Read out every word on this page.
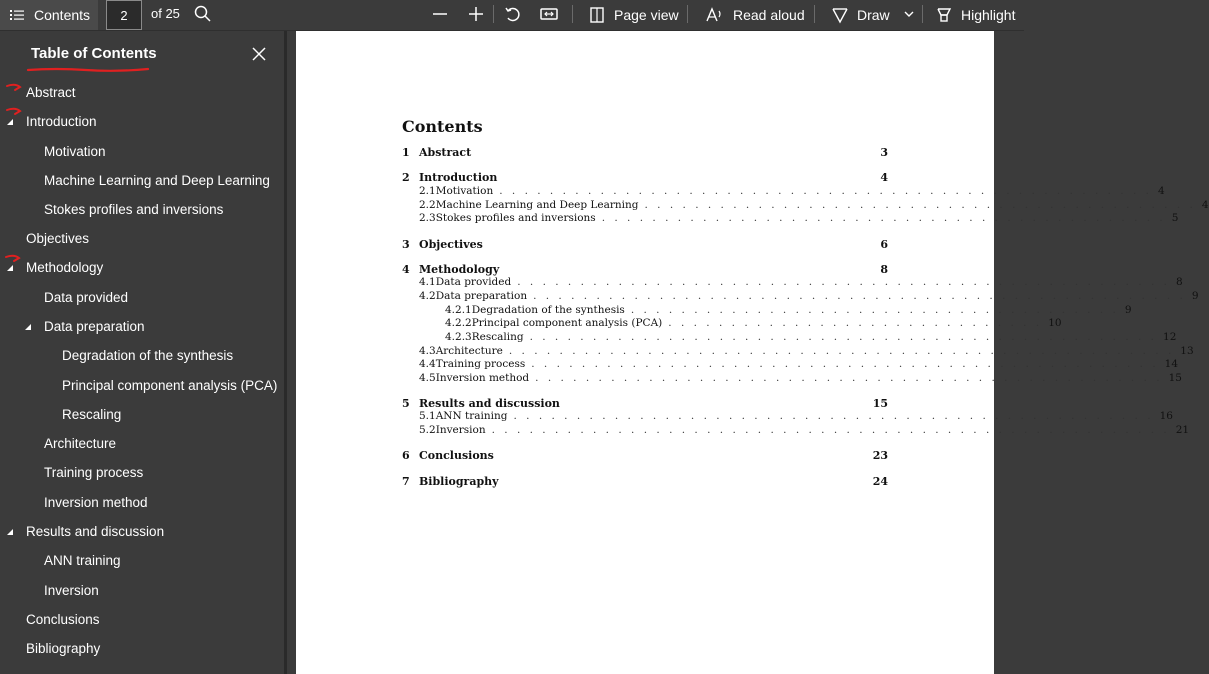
Contents 2 of 25	Page view	Read aloud	Draw	Highlight
Table of Contents
Abstract
Introduction
Motivation
Machine Learning and Deep Learning
Stokes profiles and inversions
Objectives
Methodology
Data provided
Data preparation
Degradation of the synthesis
Principal component analysis (PCA)
Rescaling
Architecture
Training process
Inversion method
Results and discussion
ANN training
Inversion
Conclusions
Bibliography
Contents
1 Abstract	3
2 Introduction	4
2.1 Motivation . . . . . . . . . . . . . . . . . . . . . . . . . . . . . . . . . . . . . . . . . . . . . . . . . . . . 4
2.2 Machine Learning and Deep Learning . . . . . . . . . . . . . . . . . . . . . . . . . . . . . . . . . . . . . . . . . . . . 4
2.3 Stokes profiles and inversions . . . . . . . . . . . . . . . . . . . . . . . . . . . . . . . . . . . . . . . . . . . . . 5
3 Objectives	6
4 Methodology	8
4.1 Data provided . . . . . . . . . . . . . . . . . . . . . . . . . . . . . . . . . . . . . . . . . . . . . . . . . . . . 8
4.2 Data preparation . . . . . . . . . . . . . . . . . . . . . . . . . . . . . . . . . . . . . . . . . . . . . . . . . . . . 9
4.2.1 Degradation of the synthesis . . . . . . . . . . . . . . . . . . . . . . . . . . . . . . . . . . . . . . . 9
4.2.2 Principal component analysis (PCA) . . . . . . . . . . . . . . . . . . . . . . . . . . . . . . 10
4.2.3 Rescaling . . . . . . . . . . . . . . . . . . . . . . . . . . . . . . . . . . . . . . . . . . . . . . . . . . 12
4.3 Architecture . . . . . . . . . . . . . . . . . . . . . . . . . . . . . . . . . . . . . . . . . . . . . . . . . . . . . 13
4.4 Training process . . . . . . . . . . . . . . . . . . . . . . . . . . . . . . . . . . . . . . . . . . . . . . . . . . 14
4.5 Inversion method . . . . . . . . . . . . . . . . . . . . . . . . . . . . . . . . . . . . . . . . . . . . . . . . . . 15
5 Results and discussion	15
5.1 ANN training . . . . . . . . . . . . . . . . . . . . . . . . . . . . . . . . . . . . . . . . . . . . . . . . . . . 16
5.2 Inversion . . . . . . . . . . . . . . . . . . . . . . . . . . . . . . . . . . . . . . . . . . . . . . . . . . . . . . 21
6 Conclusions	23
7 Bibliography	24
